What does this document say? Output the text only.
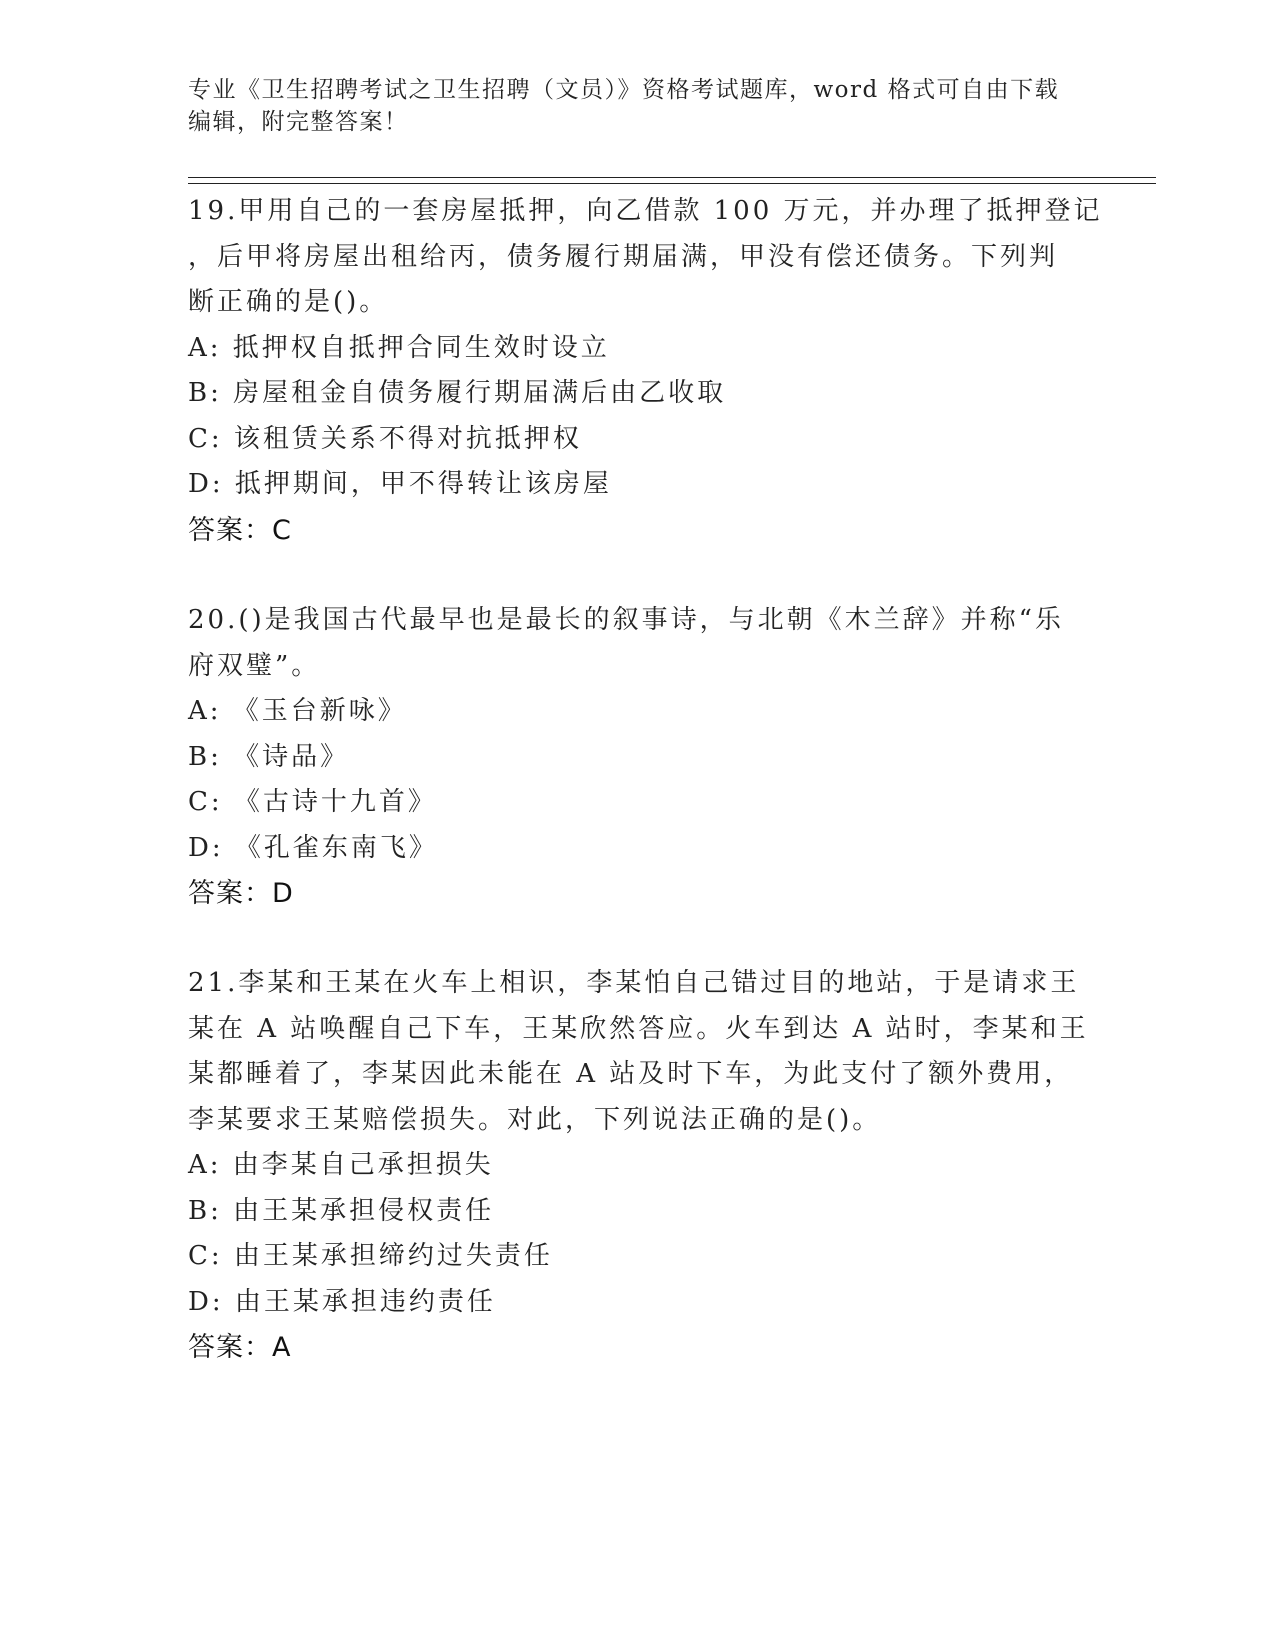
专业《卫生招聘考试之卫生招聘（文员）》资格考试题库，word 格式可自由下载
编辑，附完整答案！
19.甲用自己的一套房屋抵押，向乙借款 100 万元，并办理了抵押登记
，后甲将房屋出租给丙，债务履行期届满，甲没有偿还债务。下列判
断正确的是()。
A: 抵押权自抵押合同生效时设立
B: 房屋租金自债务履行期届满后由乙收取
C: 该租赁关系不得对抗抵押权
D: 抵押期间，甲不得转让该房屋
答案：C
20.()是我国古代最早也是最长的叙事诗，与北朝《木兰辞》并称“乐
府双璧”。
A: 《玉台新咏》
B: 《诗品》
C: 《古诗十九首》
D: 《孔雀东南飞》
答案：D
21.李某和王某在火车上相识，李某怕自己错过目的地站，于是请求王
某在 A 站唤醒自己下车，王某欣然答应。火车到达 A 站时，李某和王
某都睡着了，李某因此未能在 A 站及时下车，为此支付了额外费用，
李某要求王某赔偿损失。对此，下列说法正确的是()。
A: 由李某自己承担损失
B: 由王某承担侵权责任
C: 由王某承担缔约过失责任
D: 由王某承担违约责任
答案：A
